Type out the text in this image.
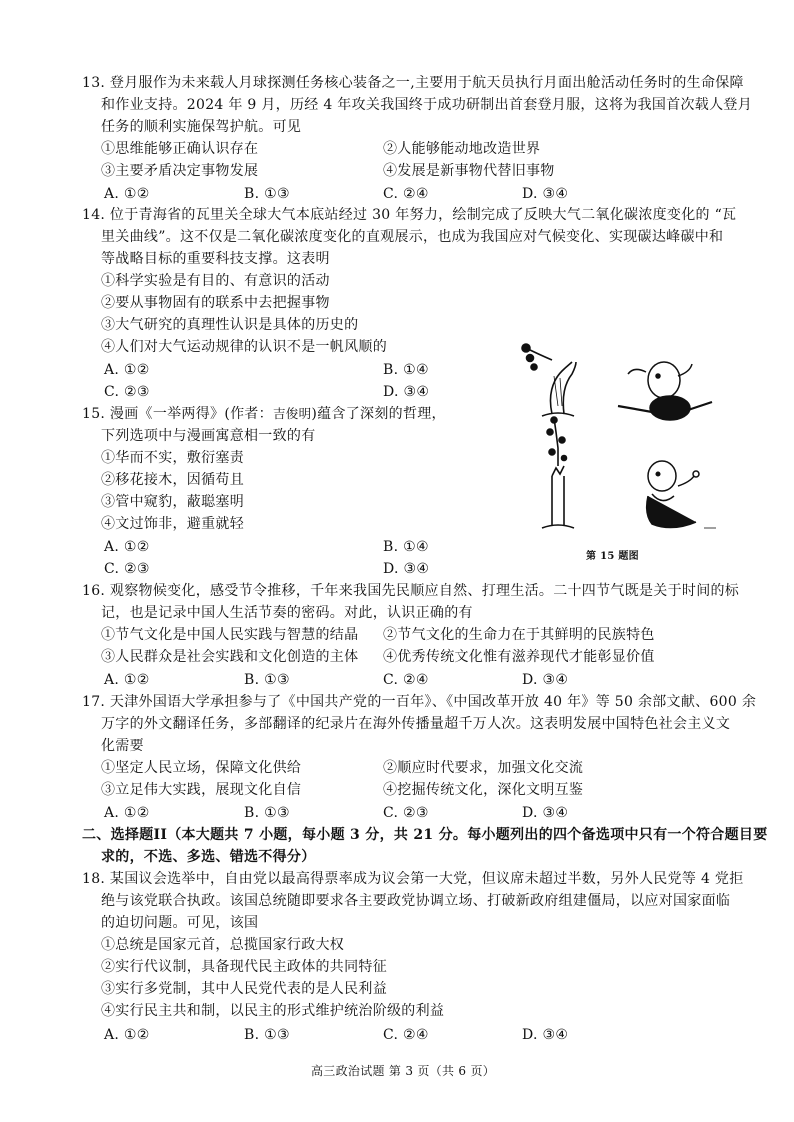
13. 登月服作为未来载人月球探测任务核心装备之一,主要用于航天员执行月面出舱活动任务时的生命保障
和作业支持。2024 年 9 月，历经 4 年攻关我国终于成功研制出首套登月服，这将为我国首次载人登月
任务的顺利实施保驾护航。可见
①思维能够正确认识存在	②人能够能动地改造世界
③主要矛盾决定事物发展	④发展是新事物代替旧事物
A. ①②	B. ①③	C. ②④	D. ③④
14. 位于青海省的瓦里关全球大气本底站经过 30 年努力，绘制完成了反映大气二氧化碳浓度变化的 “瓦
里关曲线”。这不仅是二氧化碳浓度变化的直观展示，也成为我国应对气候变化、实现碳达峰碳中和
等战略目标的重要科技支撑。这表明
①科学实验是有目的、有意识的活动
②要从事物固有的联系中去把握事物
③大气研究的真理性认识是具体的历史的
④人们对大气运动规律的认识不是一帆风顺的
A. ①②	B. ①④
C. ②③	D. ③④
15. 漫画《一举两得》(作者：吉俊明)蕴含了深刻的哲理，
下列选项中与漫画寓意相一致的有
①华而不实，敷衍塞责
②移花接木，因循苟且
③管中窥豹，蔽聪塞明
④文过饰非，避重就轻
A. ①②	B. ①④
C. ②③	D. ③④
第 15 题图
16. 观察物候变化，感受节令推移，千年来我国先民顺应自然、打理生活。二十四节气既是关于时间的标
记，也是记录中国人生活节奏的密码。对此，认识正确的有
①节气文化是中国人民实践与智慧的结晶 ②节气文化的生命力在于其鲜明的民族特色
③人民群众是社会实践和文化创造的主体 ④优秀传统文化惟有滋养现代才能彰显价值
A. ①②	B. ①③	C. ②④	D. ③④
17. 天津外国语大学承担参与了《中国共产党的一百年》、《中国改革开放 40 年》等 50 余部文献、600 余
万字的外文翻译任务，多部翻译的纪录片在海外传播量超千万人次。这表明发展中国特色社会主义文
化需要
①坚定人民立场，保障文化供给	②顺应时代要求，加强文化交流
③立足伟大实践，展现文化自信	④挖掘传统文化，深化文明互鉴
A. ①②	B. ①③	C. ②③	D. ③④
二、选择题II（本大题共 7 小题，每小题 3 分，共 21 分。每小题列出的四个备选项中只有一个符合题目要
求的，不选、多选、错选不得分）
18. 某国议会选举中，自由党以最高得票率成为议会第一大党，但议席未超过半数，另外人民党等 4 党拒
绝与该党联合执政。该国总统随即要求各主要政党协调立场、打破新政府组建僵局，以应对国家面临
的迫切问题。可见，该国
①总统是国家元首，总揽国家行政大权
②实行代议制，具备现代民主政体的共同特征
③实行多党制，其中人民党代表的是人民利益
④实行民主共和制，以民主的形式维护统治阶级的利益
A. ①②	B. ①③	C. ②④	D. ③④
高三政治试题 第 3 页（共 6 页）
